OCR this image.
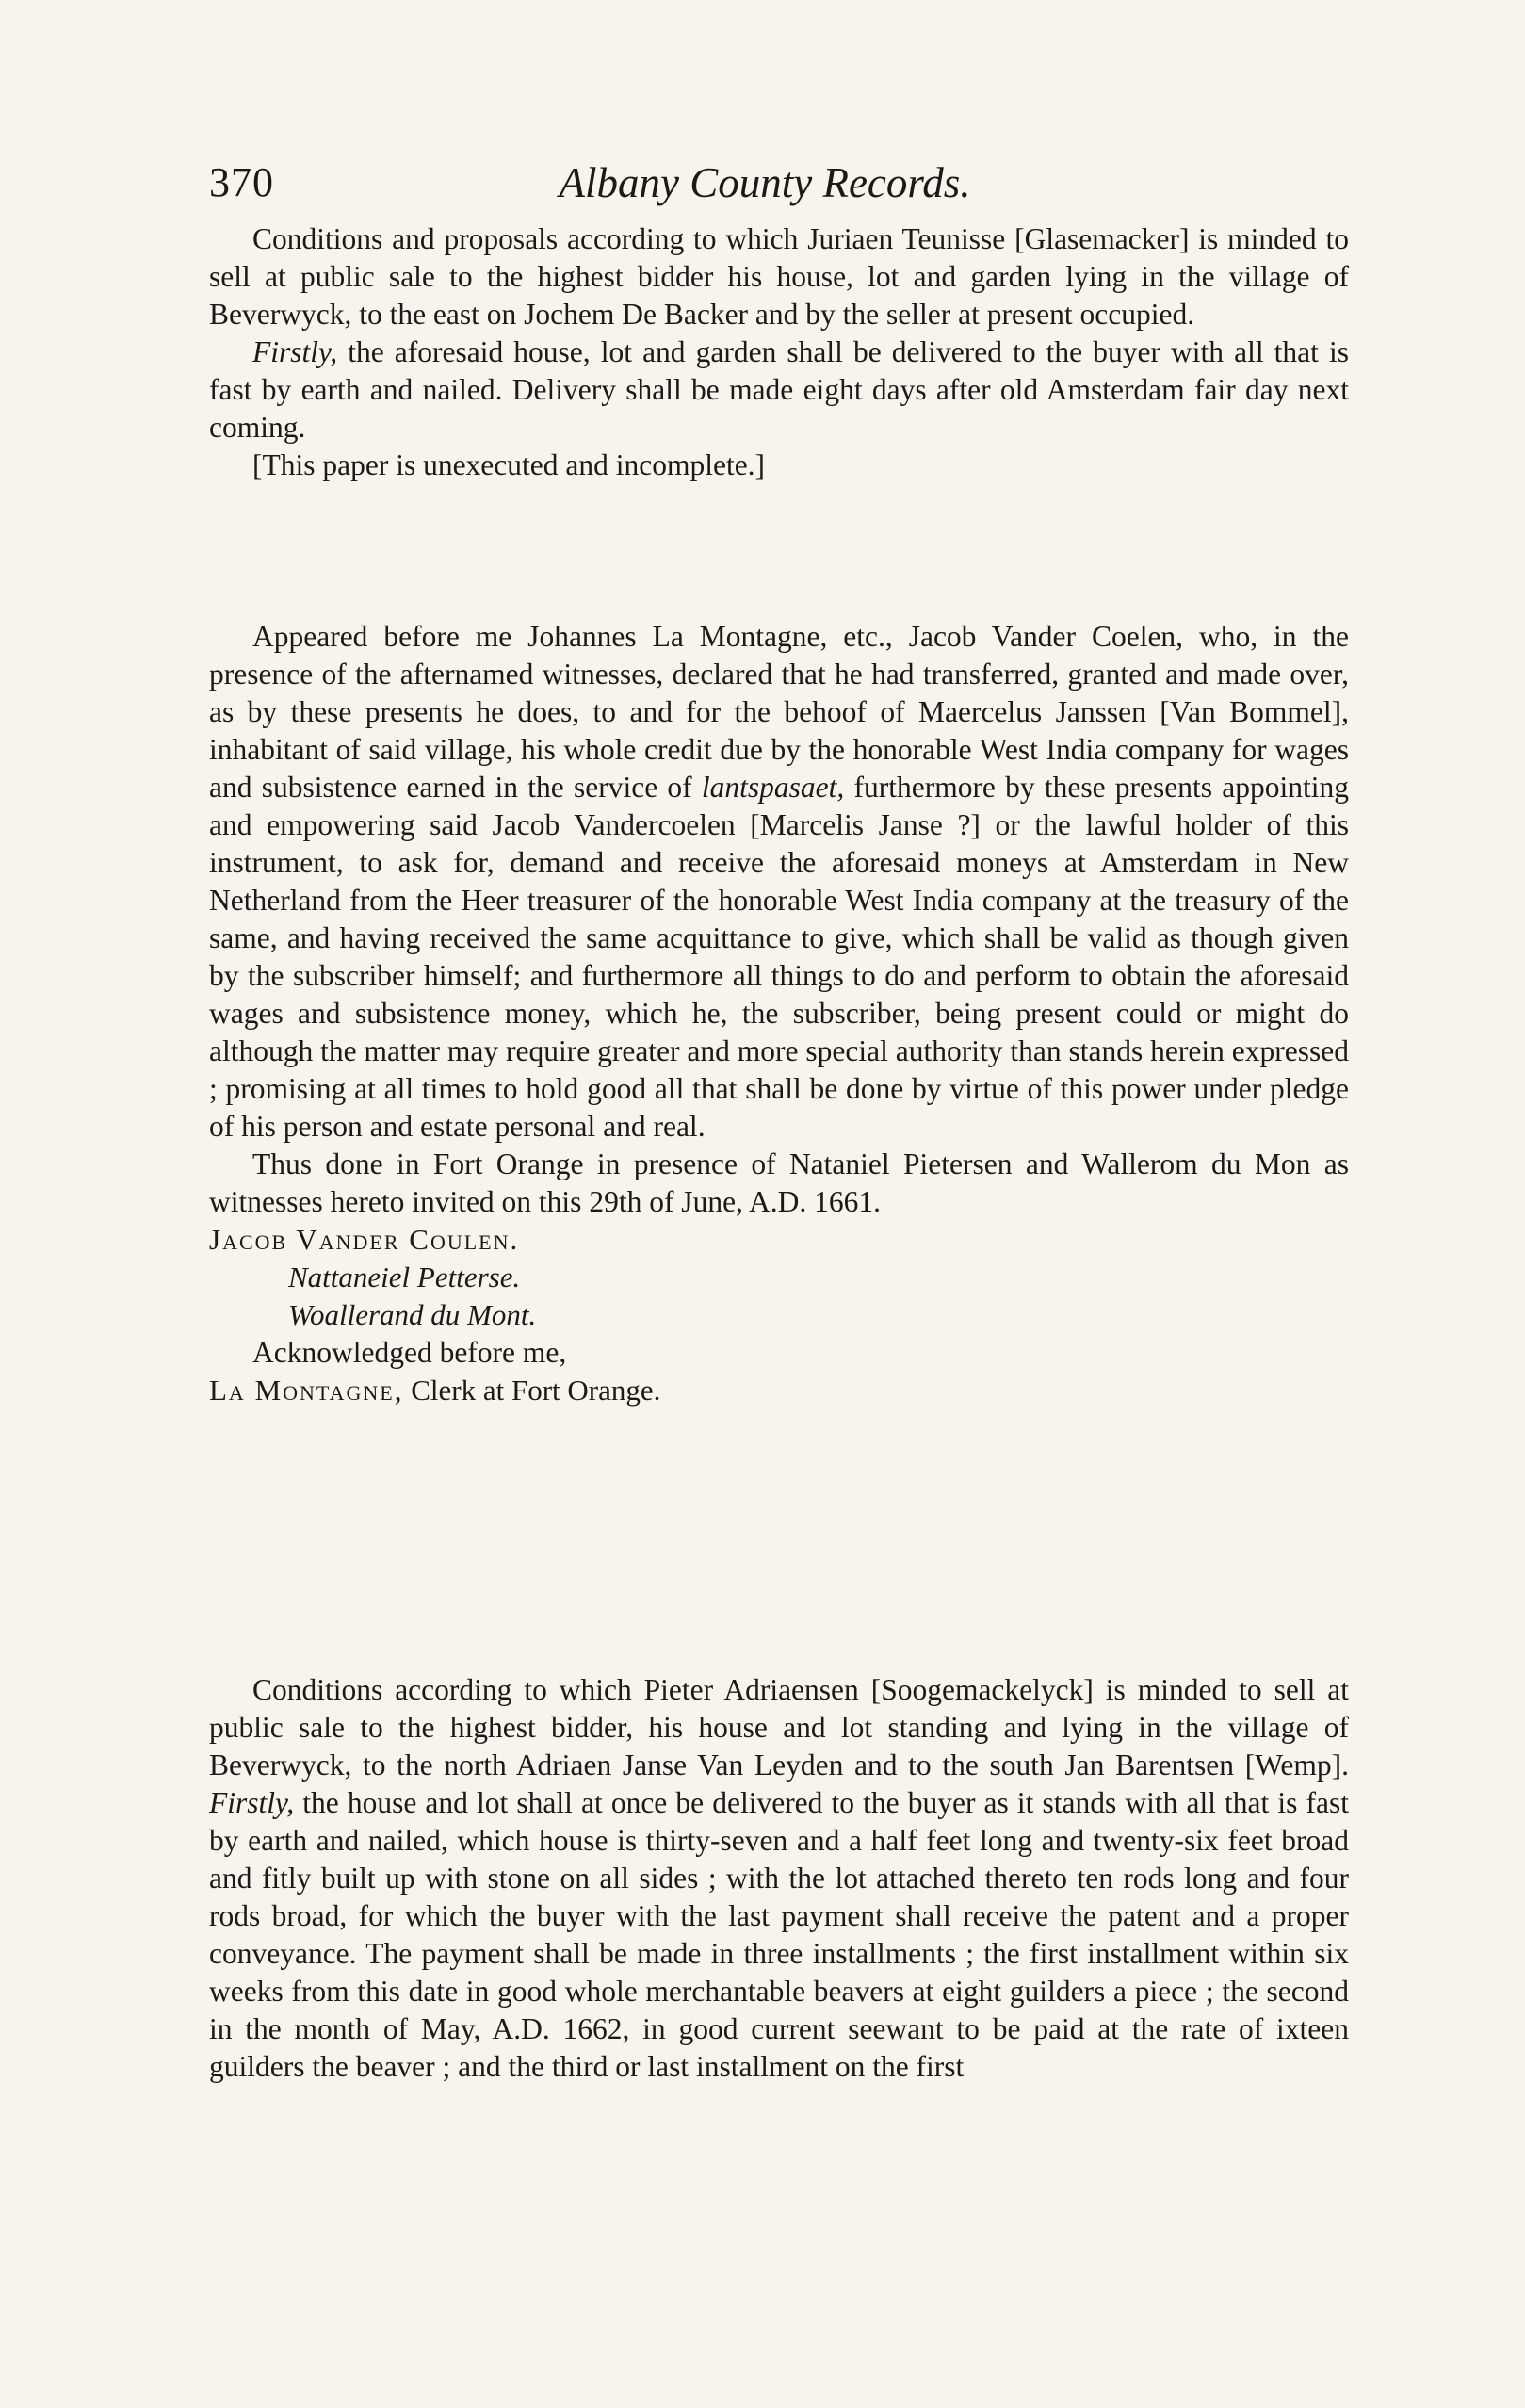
370	Albany County Records.

Conditions and proposals according to which Juriaen Teunisse [Glasemacker] is minded to sell at public sale to the highest bidder his house, lot and garden lying in the village of Beverwyck, to the east on Jochem De Backer and by the seller at present occupied.

Firstly, the aforesaid house, lot and garden shall be delivered to the buyer with all that is fast by earth and nailed. Delivery shall be made eight days after old Amsterdam fair day next coming.

[This paper is unexecuted and incomplete.]

Appeared before me Johannes La Montagne, etc., Jacob Vander Coelen, who, in the presence of the afternamed witnesses, declared that he had transferred, granted and made over, as by these presents he does, to and for the behoof of Maercelus Janssen [Van Bommel], inhabitant of said village, his whole credit due by the honorable West India company for wages and subsistence earned in the service of lantspasaet, furthermore by these presents appointing and empowering said Jacob Vandercoelen [Marcelis Janse ?] or the lawful holder of this instrument, to ask for, demand and receive the aforesaid moneys at Amsterdam in New Netherland from the Heer treasurer of the honorable West India company at the treasury of the same, and having received the same acquittance to give, which shall be valid as though given by the subscriber himself; and furthermore all things to do and perform to obtain the aforesaid wages and subsistence money, which he, the subscriber, being present could or might do although the matter may require greater and more special authority than stands herein expressed ; promising at all times to hold good all that shall be done by virtue of this power under pledge of his person and estate personal and real.

Thus done in Fort Orange in presence of Nataniel Pietersen and Wallerom du Mon as witnesses hereto invited on this 29th of June, A.D. 1661.

Jacob Vander Coulen.

Nattaneiel Petterse.

Woallerand du Mont.

Acknowledged before me,

La Montagne, Clerk at Fort Orange.

Conditions according to which Pieter Adriaensen [Soogemackelyck] is minded to sell at public sale to the highest bidder, his house and lot standing and lying in the village of Beverwyck, to the north Adriaen Janse Van Leyden and to the south Jan Barentsen [Wemp]. Firstly, the house and lot shall at once be delivered to the buyer as it stands with all that is fast by earth and nailed, which house is thirty-seven and a half feet long and twenty-six feet broad and fitly built up with stone on all sides ; with the lot attached thereto ten rods long and four rods broad, for which the buyer with the last payment shall receive the patent and a proper conveyance. The payment shall be made in three installments ; the first installment within six weeks from this date in good whole merchantable beavers at eight guilders a piece ; the second in the month of May, A.D. 1662, in good current seewant to be paid at the rate of ixteen guilders the beaver ; and the third or last installment on the first
